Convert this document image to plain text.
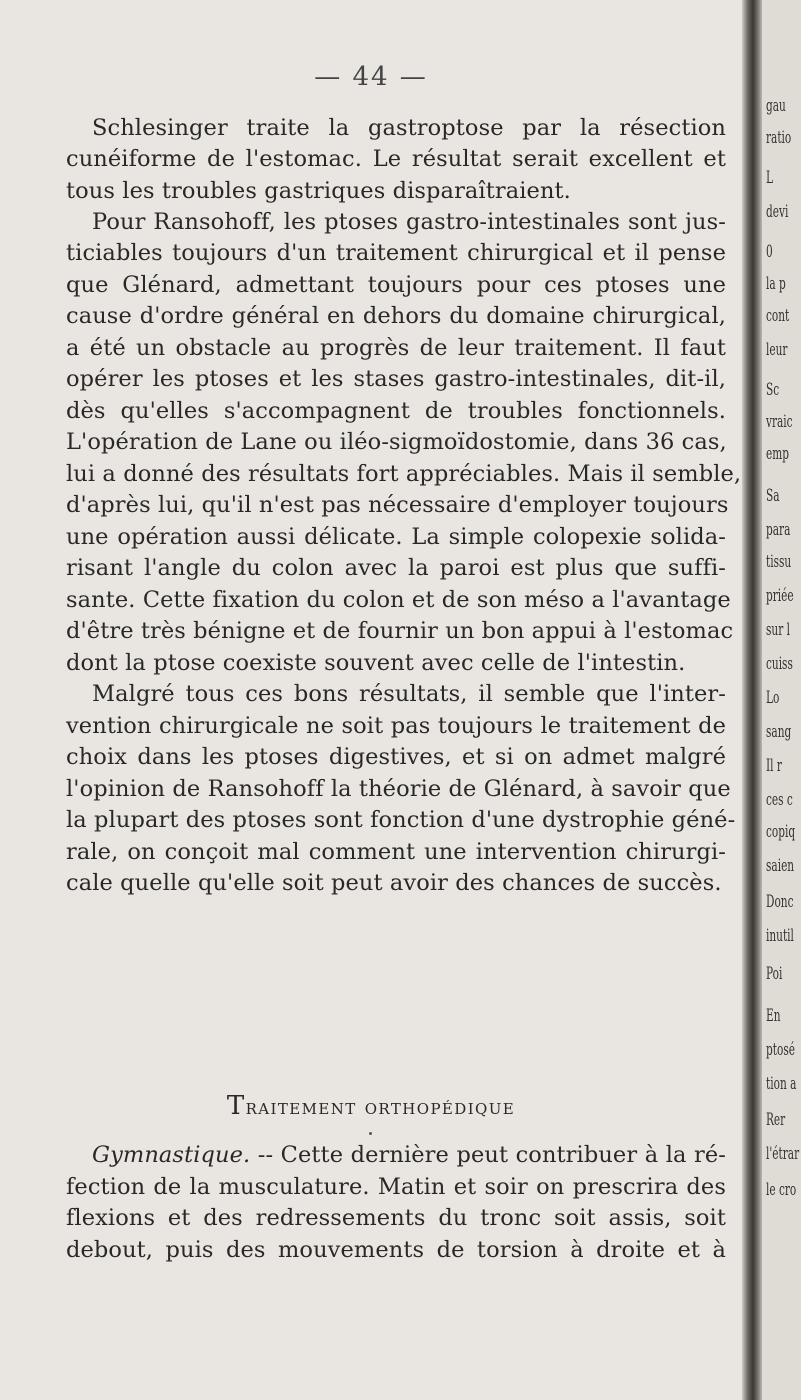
— 44 —
Schlesinger traite la gastroptose par la résection
cunéiforme de l'estomac. Le résultat serait excellent et
tous les troubles gastriques disparaîtraient.
Pour Ransohoff, les ptoses gastro-intestinales sont jus-
ticiables toujours d'un traitement chirurgical et il pense
que Glénard, admettant toujours pour ces ptoses une
cause d'ordre général en dehors du domaine chirurgical,
a été un obstacle au progrès de leur traitement. Il faut
opérer les ptoses et les stases gastro-intestinales, dit-il,
dès qu'elles s'accompagnent de troubles fonctionnels.
L'opération de Lane ou iléo-sigmoïdostomie, dans 36 cas,
lui a donné des résultats fort appréciables. Mais il semble,
d'après lui, qu'il n'est pas nécessaire d'employer toujours
une opération aussi délicate. La simple colopexie solida-
risant l'angle du colon avec la paroi est plus que suffi-
sante. Cette fixation du colon et de son méso a l'avantage
d'être très bénigne et de fournir un bon appui à l'estomac
dont la ptose coexiste souvent avec celle de l'intestin.
Malgré tous ces bons résultats, il semble que l'inter-
vention chirurgicale ne soit pas toujours le traitement de
choix dans les ptoses digestives, et si on admet malgré
l'opinion de Ransohoff la théorie de Glénard, à savoir que
la plupart des ptoses sont fonction d'une dystrophie géné-
rale, on conçoit mal comment une intervention chirurgi-
cale quelle qu'elle soit peut avoir des chances de succès.
Traitement orthopédique
Gymnastique. -- Cette dernière peut contribuer à la ré-
fection de la musculature. Matin et soir on prescrira des
flexions et des redressements du tronc soit assis, soit
debout, puis des mouvements de torsion à droite et à
gau
ratio
L
devi
0
la p
cont
leur
Sc
vraic
emp
Sa
para
tissu
priée
sur l
cuiss
Lo
sang
Il r
ces c
copiq
saien
Donc
inutil
Poi
En
ptosé
tion a
Rer
l'étrar
le cro
